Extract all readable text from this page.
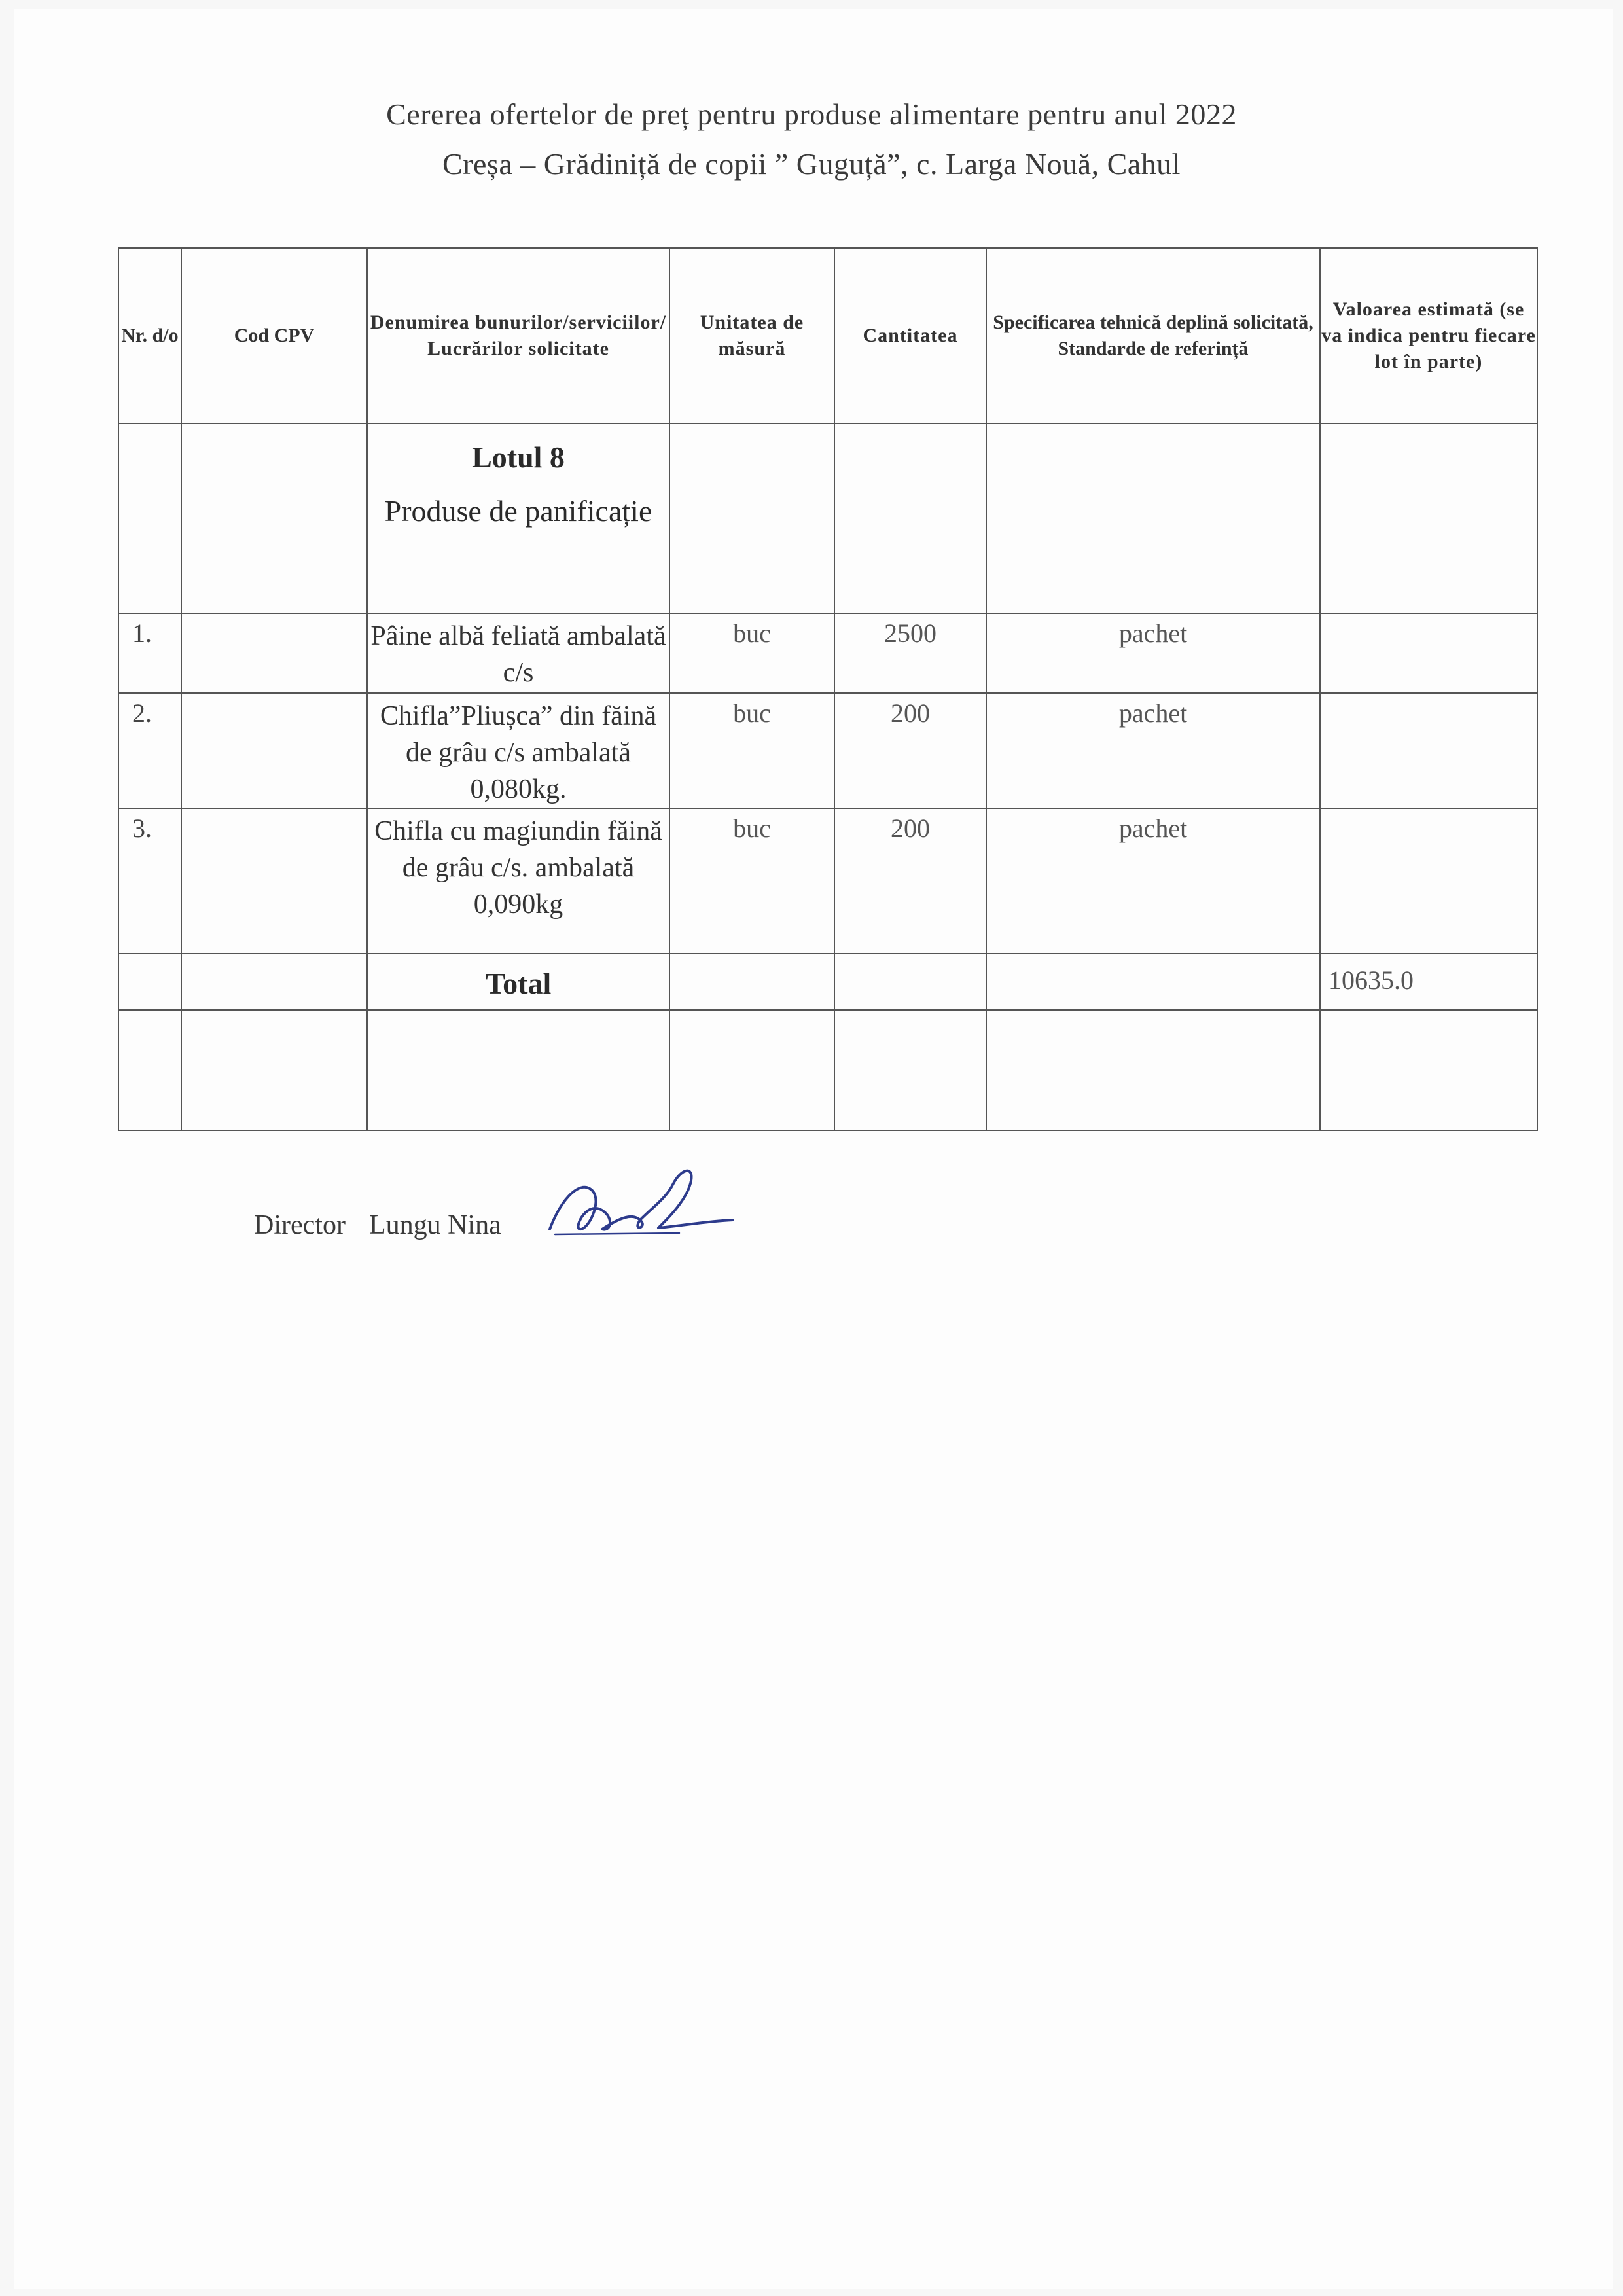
Cererea ofertelor de preț pentru produse alimentare pentru anul 2022
Creșa – Grădiniță de copii ” Guguță”, c. Larga Nouă, Cahul
Nr. d/o	Cod CPV	Denumirea bunurilor/serviciilor/ Lucrărilor solicitate	Unitatea de măsură	Cantitatea	Specificarea tehnică deplină solicitată, Standarde de referință	Valoarea estimată (se va indica pentru fiecare lot în parte)

		Lotul 8
Produse de panificație				

1.		Pâine albă feliată ambalată c/s	buc	2500	pachet	

2.		Chifla”Pliușca” din făină de grâu c/s ambalată 0,080kg.	buc	200	pachet	

3.		Chifla cu magiundin făină de grâu c/s. ambalată 0,090kg	buc	200	pachet	

		Total				10635.0

Director Lungu Nina
